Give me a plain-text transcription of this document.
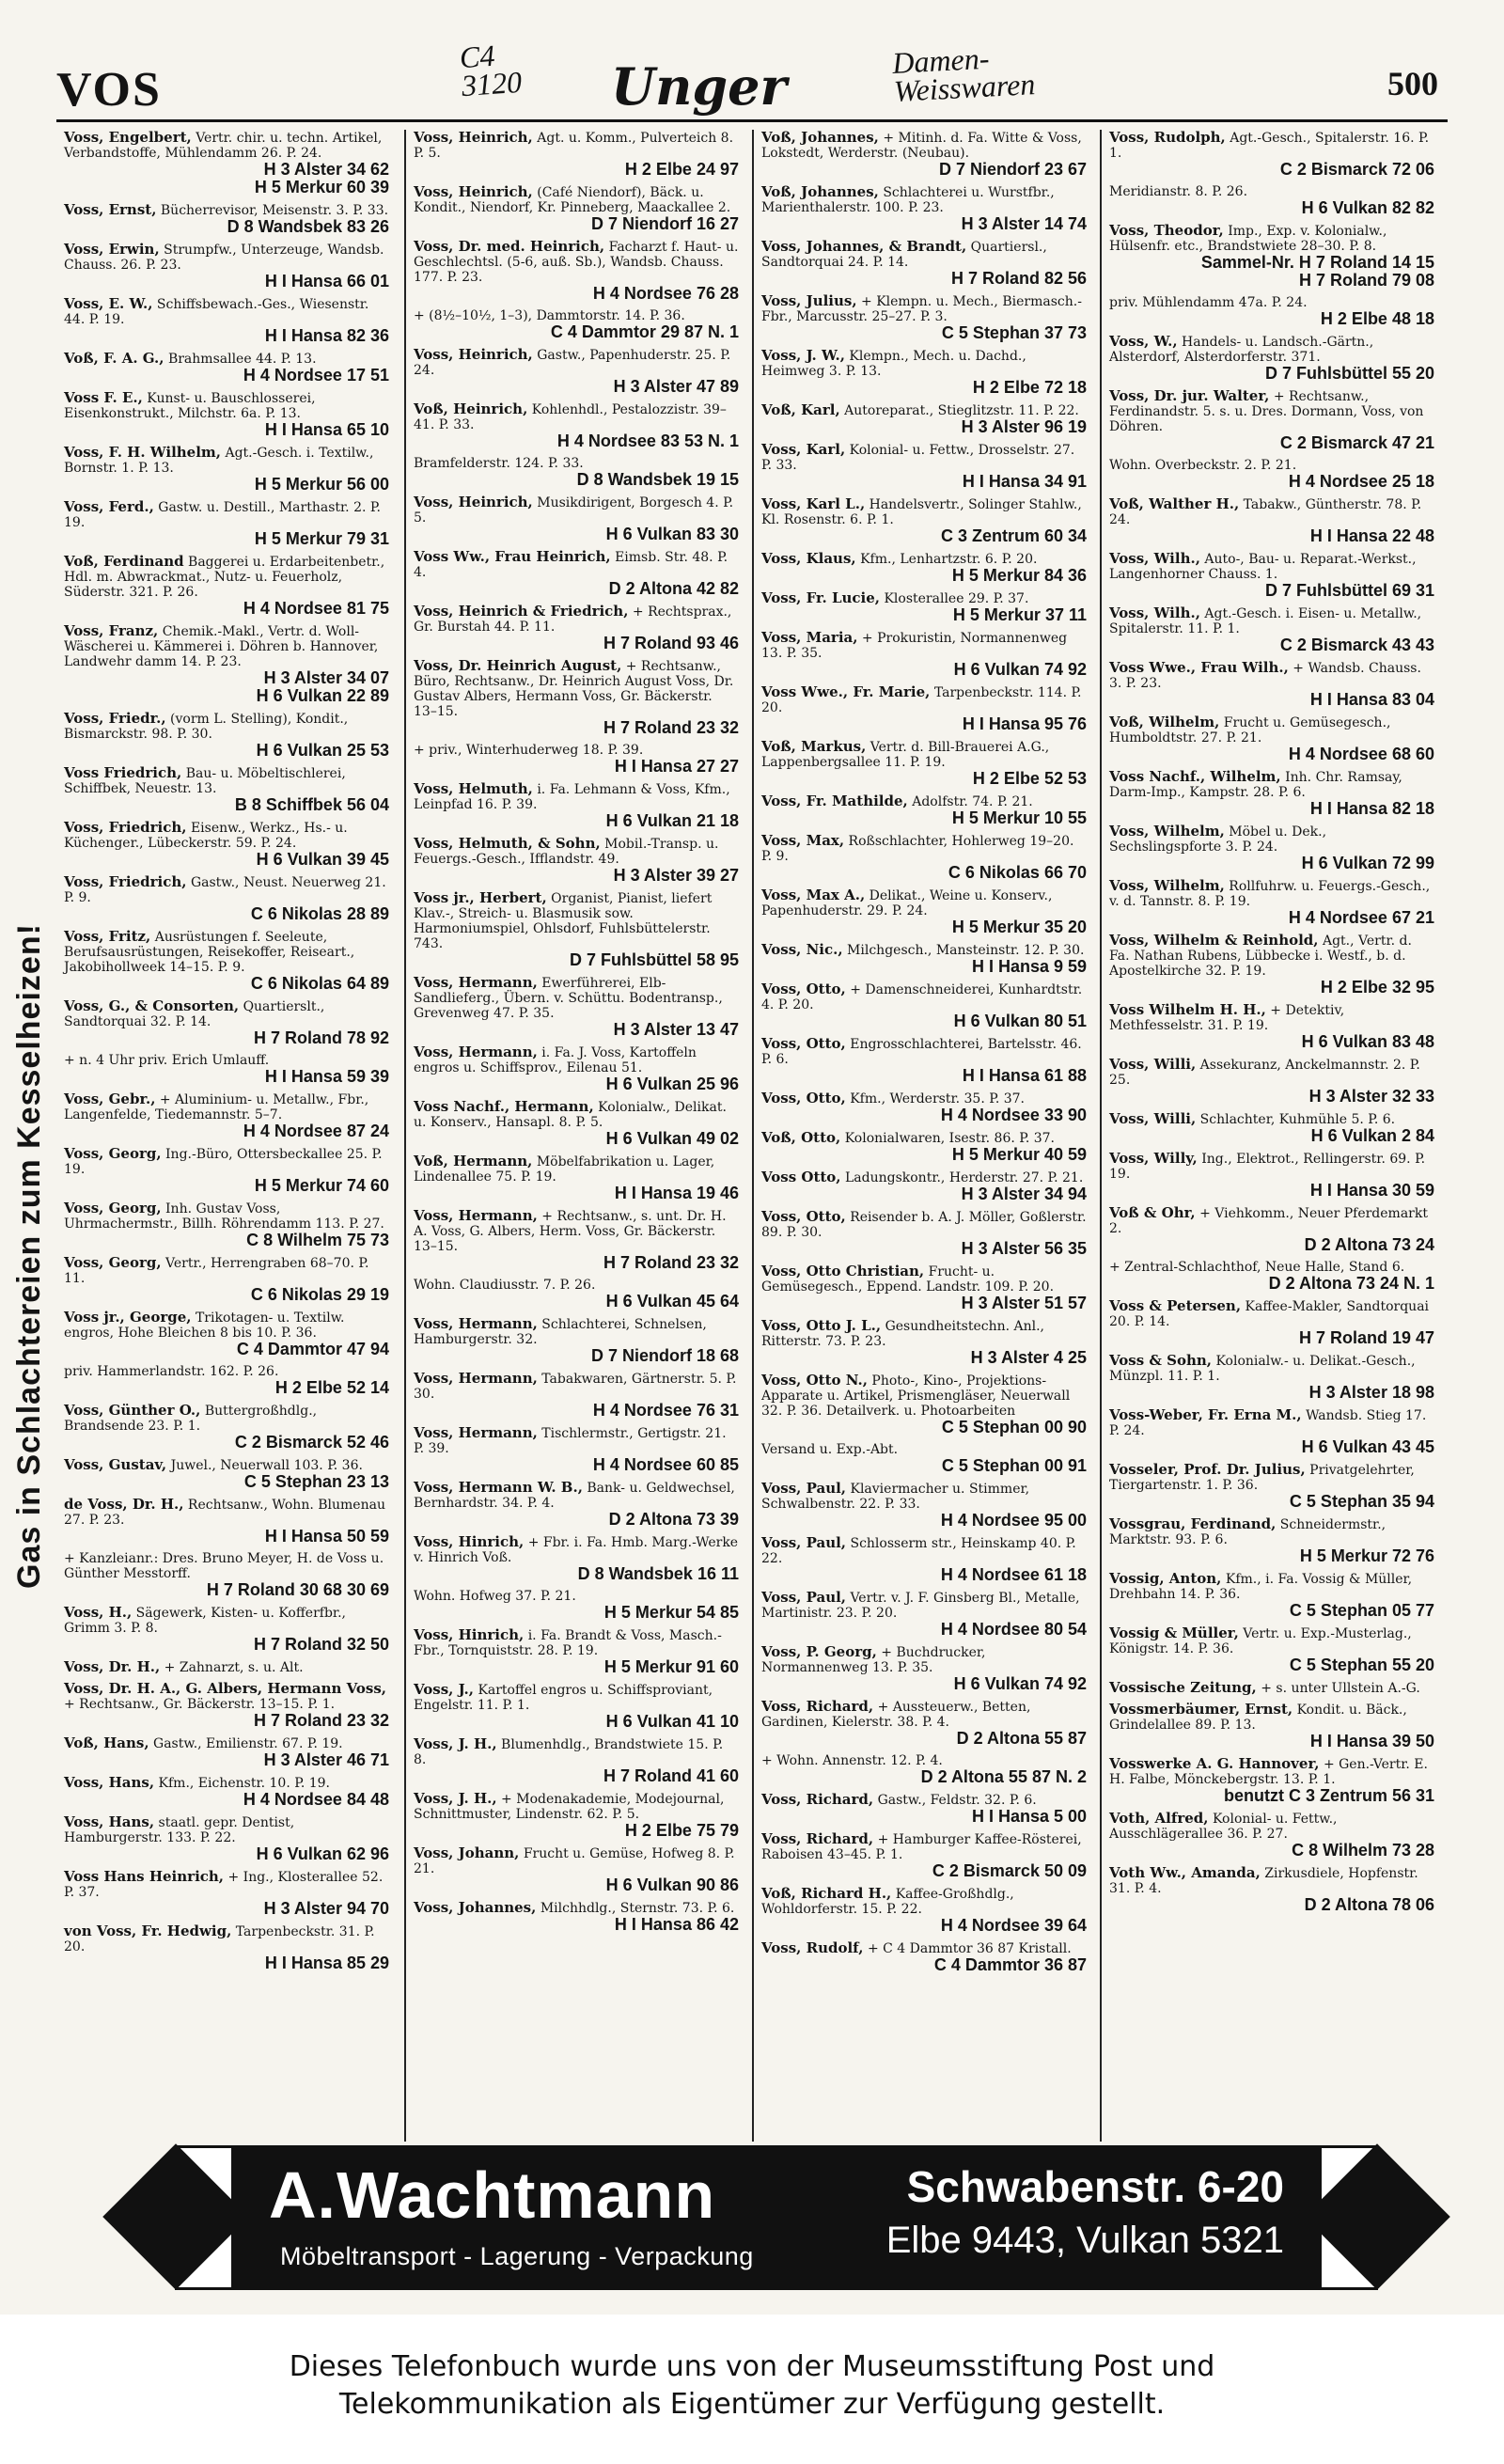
VOS
C4
3120 Unger	Damen-
Weisswaren	500
Gas in Schlachtereien zum Kesselheizen!
Voss, Engelbert, Vertr. chir. u. techn. Artikel, Verbandstoffe, Mühlendamm 26. P. 24.
H 3 Alster 34 62
H 5 Merkur 60 39
Voss, Ernst, Bücherrevisor, Meisenstr. 3. P. 33.
D 8 Wandsbek 83 26
Voss, Erwin, Strumpfw., Unterzeuge, Wandsb. Chauss. 26. P. 23.
H I Hansa 66 01
Voss, E. W., Schiffsbewach.-Ges., Wiesenstr. 44. P. 19.
H I Hansa 82 36
Voß, F. A. G., Brahmsallee 44. P. 13.
H 4 Nordsee 17 51
Voss F. E., Kunst- u. Bauschlosserei, Eisenkonstrukt., Milchstr. 6a. P. 13.
H I Hansa 65 10
Voss, F. H. Wilhelm, Agt.-Gesch. i. Textilw., Bornstr. 1. P. 13.
H 5 Merkur 56 00
Voss, Ferd., Gastw. u. Destill., Marthastr. 2. P. 19.
H 5 Merkur 79 31
Voß, Ferdinand Baggerei u. Erdarbeitenbetr., Hdl. m. Abwrackmat., Nutz- u. Feuerholz, Süderstr. 321. P. 26.
H 4 Nordsee 81 75
Voss, Franz, Chemik.-Makl., Vertr. d. Woll-Wäscherei u. Kämmerei i. Döhren b. Hannover, Landwehr damm 14. P. 23.
H 3 Alster 34 07
H 6 Vulkan 22 89
Voss, Friedr., (vorm L. Stelling), Kondit., Bismarckstr. 98. P. 30.
H 6 Vulkan 25 53
Voss Friedrich, Bau- u. Möbeltischlerei, Schiffbek, Neuestr. 13.
B 8 Schiffbek 56 04
Voss, Friedrich, Eisenw., Werkz., Hs.- u. Küchenger., Lübeckerstr. 59. P. 24.
H 6 Vulkan 39 45
Voss, Friedrich, Gastw., Neust. Neuerweg 21. P. 9.
C 6 Nikolas 28 89
Voss, Fritz, Ausrüstungen f. Seeleute, Berufsausrüstungen, Reisekoffer, Reiseart., Jakobihollweek 14–15. P. 9.
C 6 Nikolas 64 89
Voss, G., & Consorten, Quartierslt., Sandtorquai 32. P. 14.
H 7 Roland 78 92
+ n. 4 Uhr priv. Erich Umlauff.
H I Hansa 59 39
Voss, Gebr., + Aluminium- u. Metallw., Fbr., Langenfelde, Tiedemannstr. 5–7.
H 4 Nordsee 87 24
Voss, Georg, Ing.-Büro, Ottersbeckallee 25. P. 19.
H 5 Merkur 74 60
Voss, Georg, Inh. Gustav Voss, Uhrmachermstr., Billh. Röhrendamm 113. P. 27.
C 8 Wilhelm 75 73
Voss, Georg, Vertr., Herrengraben 68–70. P. 11.
C 6 Nikolas 29 19
Voss jr., George, Trikotagen- u. Textilw. engros, Hohe Bleichen 8 bis 10. P. 36.
C 4 Dammtor 47 94
priv. Hammerlandstr. 162. P. 26.
H 2 Elbe 52 14
Voss, Günther O., Buttergroßhdlg., Brandsende 23. P. 1.
C 2 Bismarck 52 46
Voss, Gustav, Juwel., Neuerwall 103. P. 36.
C 5 Stephan 23 13
de Voss, Dr. H., Rechtsanw., Wohn. Blumenau 27. P. 23.
H I Hansa 50 59
+ Kanzleianr.: Dres. Bruno Meyer, H. de Voss u. Günther Messtorff.
H 7 Roland 30 68 30 69
Voss, H., Sägewerk, Kisten- u. Kofferfbr., Grimm 3. P. 8.
H 7 Roland 32 50
Voss, Dr. H., + Zahnarzt, s. u. Alt.
Voss, Dr. H. A., G. Albers, Hermann Voss, + Rechtsanw., Gr. Bäckerstr. 13–15. P. 1.
H 7 Roland 23 32
Voß, Hans, Gastw., Emilienstr. 67. P. 19.
H 3 Alster 46 71
Voss, Hans, Kfm., Eichenstr. 10. P. 19.
H 4 Nordsee 84 48
Voss, Hans, staatl. gepr. Dentist, Hamburgerstr. 133. P. 22.
H 6 Vulkan 62 96
Voss Hans Heinrich, + Ing., Klosterallee 52. P. 37.
H 3 Alster 94 70
von Voss, Fr. Hedwig, Tarpenbeckstr. 31. P. 20.
H I Hansa 85 29
Voss, Heinrich, Agt. u. Komm., Pulverteich 8. P. 5.
H 2 Elbe 24 97
Voss, Heinrich, (Café Niendorf), Bäck. u. Kondit., Niendorf, Kr. Pinneberg, Maackallee 2.
D 7 Niendorf 16 27
Voss, Dr. med. Heinrich, Facharzt f. Haut- u. Geschlechtsl. (5-6, auß. Sb.), Wandsb. Chauss. 177. P. 23.
H 4 Nordsee 76 28
+ (8½–10½, 1–3), Dammtorstr. 14. P. 36.
C 4 Dammtor 29 87 N. 1
Voss, Heinrich, Gastw., Papenhuderstr. 25. P. 24.
H 3 Alster 47 89
Voß, Heinrich, Kohlenhdl., Pestalozzistr. 39–41. P. 33.
H 4 Nordsee 83 53 N. 1
Bramfelderstr. 124. P. 33.
D 8 Wandsbek 19 15
Voss, Heinrich, Musikdirigent, Borgesch 4. P. 5.
H 6 Vulkan 83 30
Voss Ww., Frau Heinrich, Eimsb. Str. 48. P. 4.
D 2 Altona 42 82
Voss, Heinrich & Friedrich, + Rechtsprax., Gr. Burstah 44. P. 11.
H 7 Roland 93 46
Voss, Dr. Heinrich August, + Rechtsanw., Büro, Rechtsanw., Dr. Heinrich August Voss, Dr. Gustav Albers, Hermann Voss, Gr. Bäckerstr. 13–15.
H 7 Roland 23 32
+ priv., Winterhuderweg 18. P. 39.
H I Hansa 27 27
Voss, Helmuth, i. Fa. Lehmann & Voss, Kfm., Leinpfad 16. P. 39.
H 6 Vulkan 21 18
Voss, Helmuth, & Sohn, Mobil.-Transp. u. Feuergs.-Gesch., Ifflandstr. 49.
H 3 Alster 39 27
Voss jr., Herbert, Organist, Pianist, liefert Klav.-, Streich- u. Blasmusik sow. Harmoniumspiel, Ohlsdorf, Fuhlsbüttelerstr. 743.
D 7 Fuhlsbüttel 58 95
Voss, Hermann, Ewerführerei, Elb-Sandlieferg., Übern. v. Schüttu. Bodentransp., Grevenweg 47. P. 35.
H 3 Alster 13 47
Voss, Hermann, i. Fa. J. Voss, Kartoffeln engros u. Schiffsprov., Eilenau 51.
H 6 Vulkan 25 96
Voss Nachf., Hermann, Kolonialw., Delikat. u. Konserv., Hansapl. 8. P. 5.
H 6 Vulkan 49 02
Voß, Hermann, Möbelfabrikation u. Lager, Lindenallee 75. P. 19.
H I Hansa 19 46
Voss, Hermann, + Rechtsanw., s. unt. Dr. H. A. Voss, G. Albers, Herm. Voss, Gr. Bäckerstr. 13–15.
H 7 Roland 23 32
Wohn. Claudiusstr. 7. P. 26.
H 6 Vulkan 45 64
Voss, Hermann, Schlachterei, Schnelsen, Hamburgerstr. 32.
D 7 Niendorf 18 68
Voss, Hermann, Tabakwaren, Gärtnerstr. 5. P. 30.
H 4 Nordsee 76 31
Voss, Hermann, Tischlermstr., Gertigstr. 21. P. 39.
H 4 Nordsee 60 85
Voss, Hermann W. B., Bank- u. Geldwechsel, Bernhardstr. 34. P. 4.
D 2 Altona 73 39
Voss, Hinrich, + Fbr. i. Fa. Hmb. Marg.-Werke v. Hinrich Voß.
D 8 Wandsbek 16 11
Wohn. Hofweg 37. P. 21.
H 5 Merkur 54 85
Voss, Hinrich, i. Fa. Brandt & Voss, Masch.-Fbr., Tornquiststr. 28. P. 19.
H 5 Merkur 91 60
Voss, J., Kartoffel engros u. Schiffsproviant, Engelstr. 11. P. 1.
H 6 Vulkan 41 10
Voss, J. H., Blumenhdlg., Brandstwiete 15. P. 8.
H 7 Roland 41 60
Voss, J. H., + Modenakademie, Modejournal, Schnittmuster, Lindenstr. 62. P. 5.
H 2 Elbe 75 79
Voss, Johann, Frucht u. Gemüse, Hofweg 8. P. 21.
H 6 Vulkan 90 86
Voss, Johannes, Milchhdlg., Sternstr. 73. P. 6.
H I Hansa 86 42
Voß, Johannes, + Mitinh. d. Fa. Witte & Voss, Lokstedt, Werderstr. (Neubau).
D 7 Niendorf 23 67
Voß, Johannes, Schlachterei u. Wurstfbr., Marienthalerstr. 100. P. 23.
H 3 Alster 14 74
Voss, Johannes, & Brandt, Quartiersl., Sandtorquai 24. P. 14.
H 7 Roland 82 56
Voss, Julius, + Klempn. u. Mech., Biermasch.-Fbr., Marcusstr. 25–27. P. 3.
C 5 Stephan 37 73
Voss, J. W., Klempn., Mech. u. Dachd., Heimweg 3. P. 13.
H 2 Elbe 72 18
Voß, Karl, Autoreparat., Stieglitzstr. 11. P. 22.
H 3 Alster 96 19
Voss, Karl, Kolonial- u. Fettw., Drosselstr. 27. P. 33.
H I Hansa 34 91
Voss, Karl L., Handelsvertr., Solinger Stahlw., Kl. Rosenstr. 6. P. 1.
C 3 Zentrum 60 34
Voss, Klaus, Kfm., Lenhartzstr. 6. P. 20.
H 5 Merkur 84 36
Voss, Fr. Lucie, Klosterallee 29. P. 37.
H 5 Merkur 37 11
Voss, Maria, + Prokuristin, Normannenweg 13. P. 35.
H 6 Vulkan 74 92
Voss Wwe., Fr. Marie, Tarpenbeckstr. 114. P. 20.
H I Hansa 95 76
Voß, Markus, Vertr. d. Bill-Brauerei A.G., Lappenbergsallee 11. P. 19.
H 2 Elbe 52 53
Voss, Fr. Mathilde, Adolfstr. 74. P. 21.
H 5 Merkur 10 55
Voss, Max, Roßschlachter, Hohlerweg 19–20. P. 9.
C 6 Nikolas 66 70
Voss, Max A., Delikat., Weine u. Konserv., Papenhuderstr. 29. P. 24.
H 5 Merkur 35 20
Voss, Nic., Milchgesch., Mansteinstr. 12. P. 30.
H I Hansa 9 59
Voss, Otto, + Damenschneiderei, Kunhardtstr. 4. P. 20.
H 6 Vulkan 80 51
Voss, Otto, Engrosschlachterei, Bartelsstr. 46. P. 6.
H I Hansa 61 88
Voss, Otto, Kfm., Werderstr. 35. P. 37.
H 4 Nordsee 33 90
Voß, Otto, Kolonialwaren, Isestr. 86. P. 37.
H 5 Merkur 40 59
Voss Otto, Ladungskontr., Herderstr. 27. P. 21.
H 3 Alster 34 94
Voss, Otto, Reisender b. A. J. Möller, Goßlerstr. 89. P. 30.
H 3 Alster 56 35
Voss, Otto Christian, Frucht- u. Gemüsegesch., Eppend. Landstr. 109. P. 20.
H 3 Alster 51 57
Voss, Otto J. L., Gesundheitstechn. Anl., Ritterstr. 73. P. 23.
H 3 Alster 4 25
Voss, Otto N., Photo-, Kino-, Projektions-Apparate u. Artikel, Prismengläser, Neuerwall 32. P. 36. Detailverk. u. Photoarbeiten
C 5 Stephan 00 90
Versand u. Exp.-Abt.
C 5 Stephan 00 91
Voss, Paul, Klaviermacher u. Stimmer, Schwalbenstr. 22. P. 33.
H 4 Nordsee 95 00
Voss, Paul, Schlosserm str., Heinskamp 40. P. 22.
H 4 Nordsee 61 18
Voss, Paul, Vertr. v. J. F. Ginsberg Bl., Metalle, Martinistr. 23. P. 20.
H 4 Nordsee 80 54
Voss, P. Georg, + Buchdrucker, Normannenweg 13. P. 35.
H 6 Vulkan 74 92
Voss, Richard, + Aussteuerw., Betten, Gardinen, Kielerstr. 38. P. 4.
D 2 Altona 55 87
+ Wohn. Annenstr. 12. P. 4.
D 2 Altona 55 87 N. 2
Voss, Richard, Gastw., Feldstr. 32. P. 6.
H I Hansa 5 00
Voss, Richard, + Hamburger Kaffee-Rösterei, Raboisen 43–45. P. 1.
C 2 Bismarck 50 09
Voß, Richard H., Kaffee-Großhdlg., Wohldorferstr. 15. P. 22.
H 4 Nordsee 39 64
Voss, Rudolf, + C 4 Dammtor 36 87 Kristall.
C 4 Dammtor 36 87
Voss, Rudolph, Agt.-Gesch., Spitalerstr. 16. P. 1.
C 2 Bismarck 72 06
Meridianstr. 8. P. 26.
H 6 Vulkan 82 82
Voss, Theodor, Imp., Exp. v. Kolonialw., Hülsenfr. etc., Brandstwiete 28–30. P. 8.
Sammel-Nr. H 7 Roland 14 15
H 7 Roland 79 08
priv. Mühlendamm 47a. P. 24.
H 2 Elbe 48 18
Voss, W., Handels- u. Landsch.-Gärtn., Alsterdorf, Alsterdorferstr. 371.
D 7 Fuhlsbüttel 55 20
Voss, Dr. jur. Walter, + Rechtsanw., Ferdinandstr. 5. s. u. Dres. Dormann, Voss, von Döhren.
C 2 Bismarck 47 21
Wohn. Overbeckstr. 2. P. 21.
H 4 Nordsee 25 18
Voß, Walther H., Tabakw., Güntherstr. 78. P. 24.
H I Hansa 22 48
Voss, Wilh., Auto-, Bau- u. Reparat.-Werkst., Langenhorner Chauss. 1.
D 7 Fuhlsbüttel 69 31
Voss, Wilh., Agt.-Gesch. i. Eisen- u. Metallw., Spitalerstr. 11. P. 1.
C 2 Bismarck 43 43
Voss Wwe., Frau Wilh., + Wandsb. Chauss. 3. P. 23.
H I Hansa 83 04
Voß, Wilhelm, Frucht u. Gemüsegesch., Humboldtstr. 27. P. 21.
H 4 Nordsee 68 60
Voss Nachf., Wilhelm, Inh. Chr. Ramsay, Darm-Imp., Kampstr. 28. P. 6.
H I Hansa 82 18
Voss, Wilhelm, Möbel u. Dek., Sechslingspforte 3. P. 24.
H 6 Vulkan 72 99
Voss, Wilhelm, Rollfuhrw. u. Feuergs.-Gesch., v. d. Tannstr. 8. P. 19.
H 4 Nordsee 67 21
Voss, Wilhelm & Reinhold, Agt., Vertr. d. Fa. Nathan Rubens, Lübbecke i. Westf., b. d. Apostelkirche 32. P. 19.
H 2 Elbe 32 95
Voss Wilhelm H. H., + Detektiv, Methfesselstr. 31. P. 19.
H 6 Vulkan 83 48
Voss, Willi, Assekuranz, Anckelmannstr. 2. P. 25.
H 3 Alster 32 33
Voss, Willi, Schlachter, Kuhmühle 5. P. 6.
H 6 Vulkan 2 84
Voss, Willy, Ing., Elektrot., Rellingerstr. 69. P. 19.
H I Hansa 30 59
Voß & Ohr, + Viehkomm., Neuer Pferdemarkt 2.
D 2 Altona 73 24
+ Zentral-Schlachthof, Neue Halle, Stand 6.
D 2 Altona 73 24 N. 1
Voss & Petersen, Kaffee-Makler, Sandtorquai 20. P. 14.
H 7 Roland 19 47
Voss & Sohn, Kolonialw.- u. Delikat.-Gesch., Münzpl. 11. P. 1.
H 3 Alster 18 98
Voss-Weber, Fr. Erna M., Wandsb. Stieg 17. P. 24.
H 6 Vulkan 43 45
Vosseler, Prof. Dr. Julius, Privatgelehrter, Tiergartenstr. 1. P. 36.
C 5 Stephan 35 94
Vossgrau, Ferdinand, Schneidermstr., Marktstr. 93. P. 6.
H 5 Merkur 72 76
Vossig, Anton, Kfm., i. Fa. Vossig & Müller, Drehbahn 14. P. 36.
C 5 Stephan 05 77
Vossig & Müller, Vertr. u. Exp.-Musterlag., Königstr. 14. P. 36.
C 5 Stephan 55 20
Vossische Zeitung, + s. unter Ullstein A.-G.
Vossmerbäumer, Ernst, Kondit. u. Bäck., Grindelallee 89. P. 13.
H I Hansa 39 50
Vosswerke A. G. Hannover, + Gen.-Vertr. E. H. Falbe, Mönckebergstr. 13. P. 1.
benutzt C 3 Zentrum 56 31
Voth, Alfred, Kolonial- u. Fettw., Ausschlägerallee 36. P. 27.
C 8 Wilhelm 73 28
Voth Ww., Amanda, Zirkusdiele, Hopfenstr. 31. P. 4.
D 2 Altona 78 06
A.Wachtmann
Möbeltransport - Lagerung - Verpackung
Schwabenstr. 6-20
Elbe 9443, Vulkan 5321

Dieses Telefonbuch wurde uns von der Museumsstiftung Post und

Telekommunikation als Eigentümer zur Verfügung gestellt.
